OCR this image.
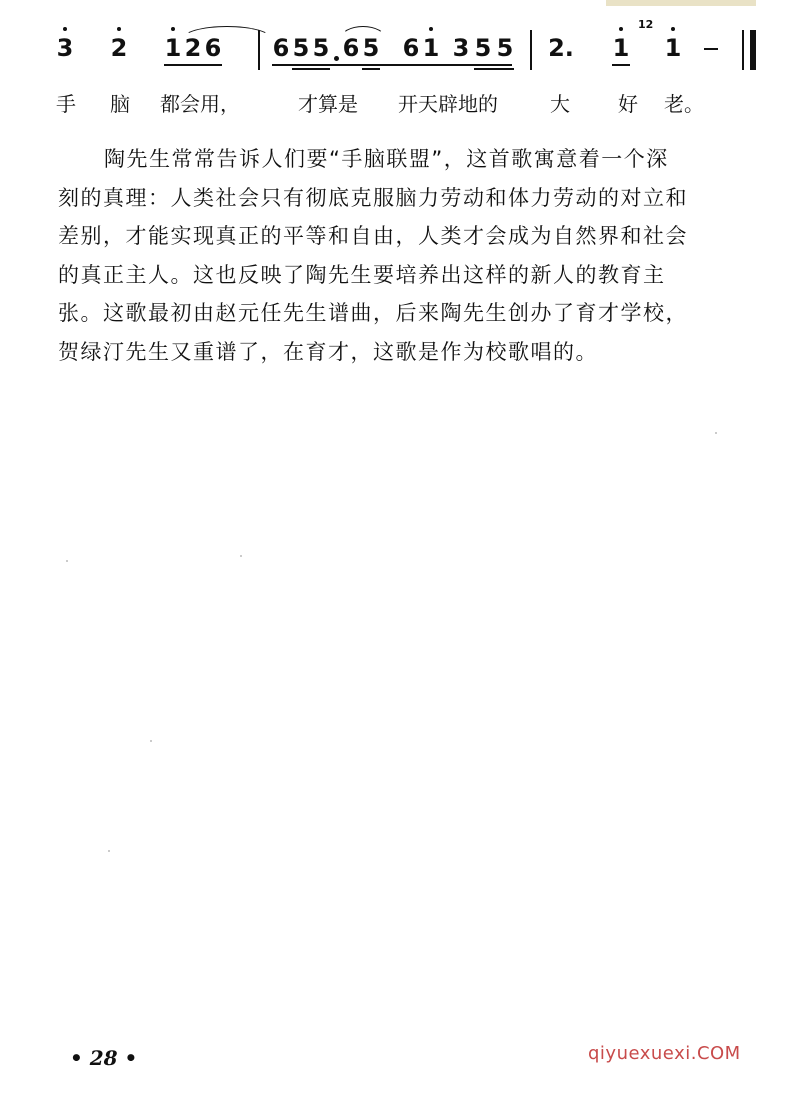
3 2 1 2 6 6 5 5 6 5 6 1 3 5 5 2. 1
12
1
手 脑 都会用，	才算是 开天辟地的	大 好 老。
陶先生常常告诉人们要“手脑联盟”，这首歌寓意着一个深
刻的真理：人类社会只有彻底克服脑力劳动和体力劳动的对立和
差别，才能实现真正的平等和自由，人类才会成为自然界和社会
的真正主人。这也反映了陶先生要培养出这样的新人的教育主
张。这歌最初由赵元任先生谱曲，后来陶先生创办了育才学校，
贺绿汀先生又重谱了，在育才，这歌是作为校歌唱的。
• 28 •	qiyuexuexi.COM
